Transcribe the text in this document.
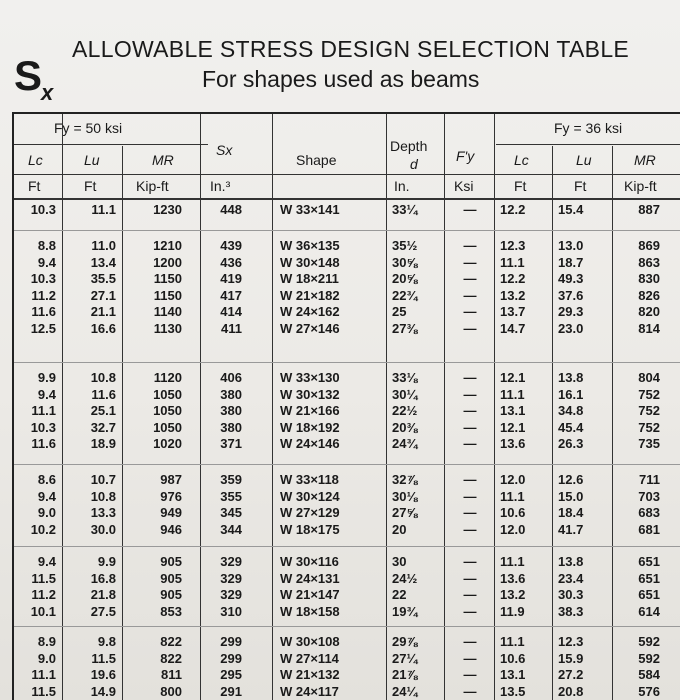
$S_x$
ALLOWABLE STRESS DESIGN SELECTION TABLE
For shapes used as beams
Fy = 50 ksi	Fy = 36 ksi
Lc	Lu	MR
Sx
Shape
Depth
d	F'y	Lc	Lu	MR
Ft	Ft	Kip-ft	In.³	In.	Ksi	Ft	Ft	Kip-ft
10.3	11.1	1230	448	W 33×141	33¼	—	12.2	15.4	887
8.8	11.0	1210	439	W 36×135	35½	—	12.3	13.0	869
9.4	13.4	1200	436	W 30×148	30⅝	—	11.1	18.7	863
10.3	35.5	1150	419	W 18×211	20⅝	—	12.2	49.3	830
11.2	27.1	1150	417	W 21×182	22¾	—	13.2	37.6	826
11.6	21.1	1140	414	W 24×162	25	—	13.7	29.3	820
12.5	16.6	1130	411	W 27×146	27⅜	—	14.7	23.0	814
9.9	10.8	1120	406	W 33×130	33⅛	—	12.1	13.8	804
9.4	11.6	1050	380	W 30×132	30¼	—	11.1	16.1	752
11.1	25.1	1050	380	W 21×166	22½	—	13.1	34.8	752
10.3	32.7	1050	380	W 18×192	20⅜	—	12.1	45.4	752
11.6	18.9	1020	371	W 24×146	24¾	—	13.6	26.3	735
8.6	10.7	987	359	W 33×118	32⅞	—	12.0	12.6	711
9.4	10.8	976	355	W 30×124	30⅛	—	11.1	15.0	703
9.0	13.3	949	345	W 27×129	27⅝	—	10.6	18.4	683
10.2	30.0	946	344	W 18×175	20	—	12.0	41.7	681
9.4	9.9	905	329	W 30×116	30	—	11.1	13.8	651
11.5	16.8	905	329	W 24×131	24½	—	13.6	23.4	651
11.2	21.8	905	329	W 21×147	22	—	13.2	30.3	651
10.1	27.5	853	310	W 18×158	19¾	—	11.9	38.3	614
8.9	9.8	822	299	W 30×108	29⅞	—	11.1	12.3	592
9.0	11.5	822	299	W 27×114	27¼	—	10.6	15.9	592
11.1	19.6	811	295	W 21×132	21⅞	—	13.1	27.2	584
11.5	14.9	800	291	W 24×117	24¼	—	13.5	20.8	576
